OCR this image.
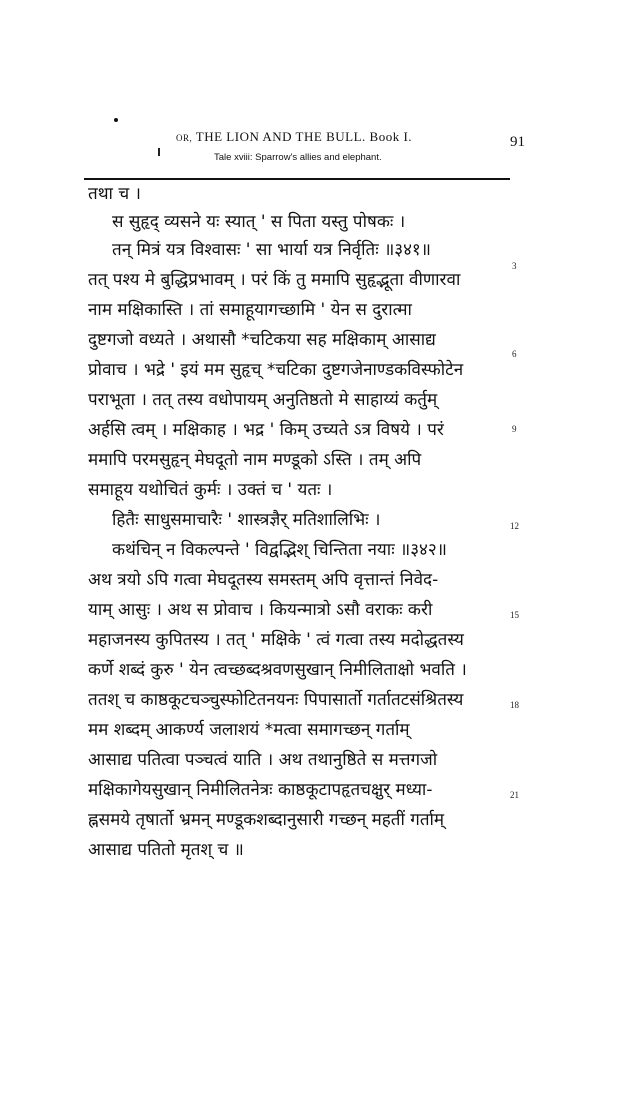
OR, THE LION AND THE BULL. Book I.	91
Tale xviii: Sparrow's allies and elephant.
तथा च ।
स सुहृद् व्यसने यः स्यात् ' स पिता यस्तु पोषकः ।
तन् मित्रं यत्र विश्वासः ' सा भार्या यत्र निर्वृतिः ॥३४१॥
तत् पश्य मे बुद्धिप्रभावम् । परं किं तु ममापि सुहृद्भूता वीणारवा
नाम मक्षिकास्ति । तां समाहूयागच्छामि ' येन स दुरात्मा
दुष्टगजो वध्यते । अथासौ *चटिकया सह मक्षिकाम् आसाद्य
प्रोवाच । भद्रे ' इयं मम सुहृच् *चटिका दुष्टगजेनाण्डकविस्फोटेन
पराभूता । तत् तस्य वधोपायम् अनुतिष्ठतो मे साहाय्यं कर्तुम्
अर्हसि त्वम् । मक्षिकाह । भद्र ' किम् उच्यते ऽत्र विषये । परं
ममापि परमसुहृन् मेघदूतो नाम मण्डूको ऽस्ति । तम् अपि
समाहूय यथोचितं कुर्मः । उक्तं च ' यतः ।
हितैः साधुसमाचारैः ' शास्त्रज्ञैर् मतिशालिभिः ।
कथंचिन् न विकल्पन्ते ' विद्वद्भिश् चिन्तिता नयाः ॥३४२॥
अथ त्रयो ऽपि गत्वा मेघदूतस्य समस्तम् अपि वृत्तान्तं निवेद-
याम् आसुः । अथ स प्रोवाच । कियन्मात्रो ऽसौ वराकः करी
महाजनस्य कुपितस्य । तत् ' मक्षिके ' त्वं गत्वा तस्य मदोद्धतस्य
कर्णे शब्दं कुरु ' येन त्वच्छब्दश्रवणसुखान् निमीलिताक्षो भवति ।
ततश् च काष्ठकूटचञ्चुस्फोटितनयनः पिपासार्तो गर्तातटसंश्रितस्य
मम शब्दम् आकर्ण्य जलाशयं *मत्वा समागच्छन् गर्ताम्
आसाद्य पतित्वा पञ्चत्वं याति । अथ तथानुष्ठिते स मत्तगजो
मक्षिकागेयसुखान् निमीलितनेत्रः काष्ठकूटापहृतचक्षुर् मध्या-
ह्नसमये तृषार्तो भ्रमन् मण्डूकशब्दानुसारी गच्छन् महतीं गर्ताम्
आसाद्य पतितो मृतश् च ॥
3
6
9
12
15
18
21
